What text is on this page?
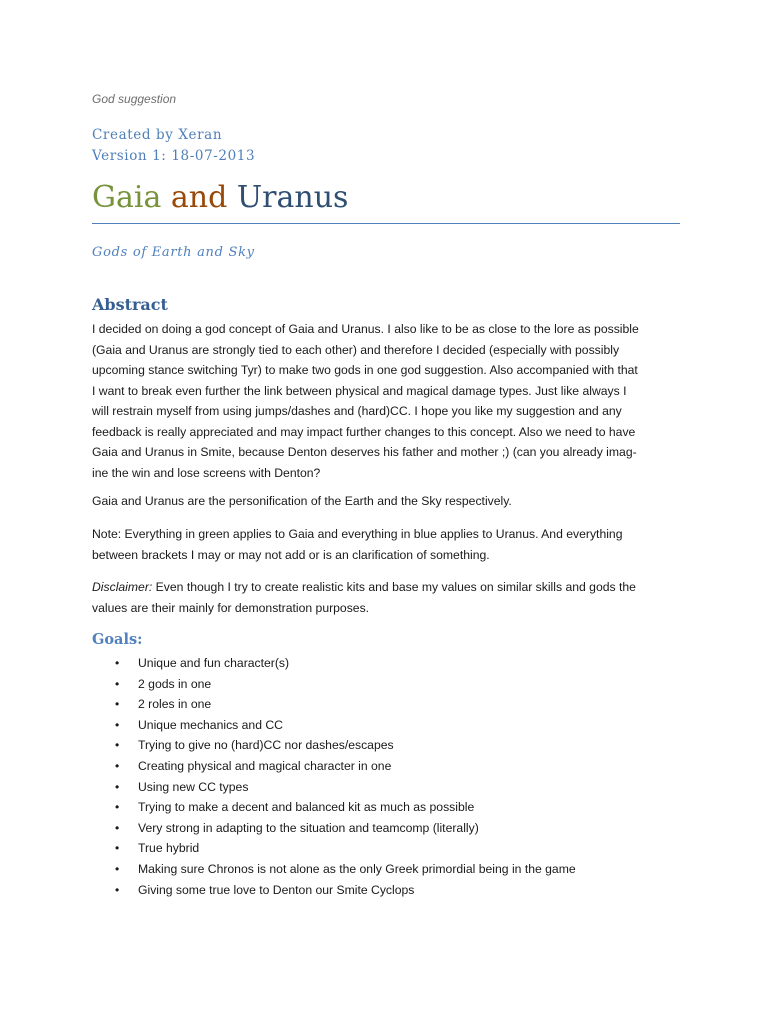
God suggestion
Created by Xeran
Version 1: 18-07-2013
Gaia and Uranus
Gods of Earth and Sky
Abstract
I decided on doing a god concept of Gaia and Uranus. I also like to be as close to the lore as possible
(Gaia and Uranus are strongly tied to each other) and therefore I decided (especially with possibly
upcoming stance switching Tyr) to make two gods in one god suggestion. Also accompanied with that
I want to break even further the link between physical and magical damage types. Just like always I
will restrain myself from using jumps/dashes and (hard)CC. I hope you like my suggestion and any
feedback is really appreciated and may impact further changes to this concept. Also we need to have
Gaia and Uranus in Smite, because Denton deserves his father and mother ;) (can you already imag-
ine the win and lose screens with Denton?
Gaia and Uranus are the personification of the Earth and the Sky respectively.
Note: Everything in green applies to Gaia and everything in blue applies to Uranus. And everything
between brackets I may or may not add or is an clarification of something.
Disclaimer: Even though I try to create realistic kits and base my values on similar skills and gods the
values are their mainly for demonstration purposes.
Goals:
• Unique and fun character(s)
• 2 gods in one
• 2 roles in one
• Unique mechanics and CC
• Trying to give no (hard)CC nor dashes/escapes
• Creating physical and magical character in one
• Using new CC types
• Trying to make a decent and balanced kit as much as possible
• Very strong in adapting to the situation and teamcomp (literally)
• True hybrid
• Making sure Chronos is not alone as the only Greek primordial being in the game
• Giving some true love to Denton our Smite Cyclops
